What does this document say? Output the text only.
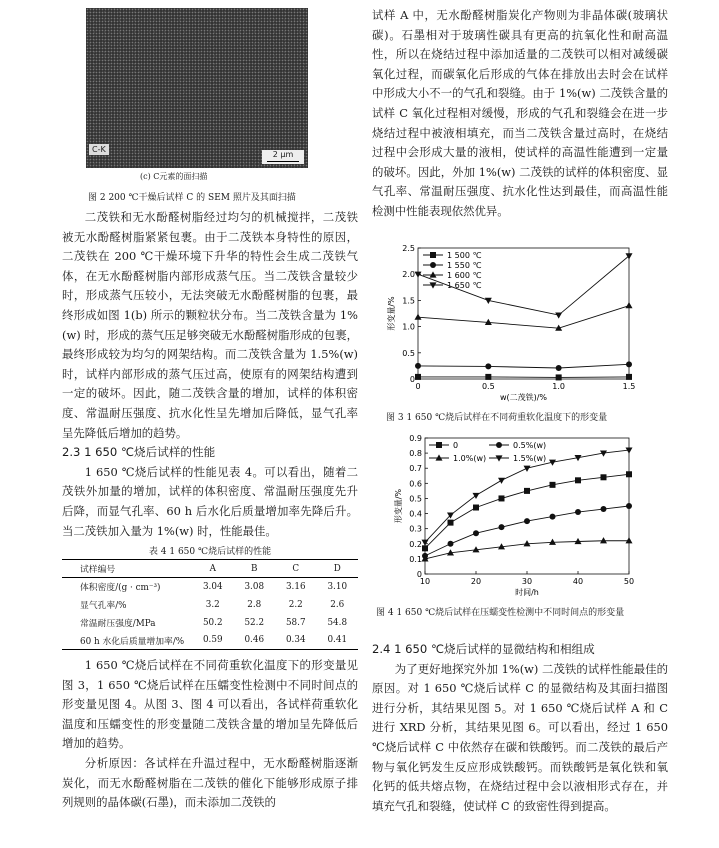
C-K
2 μm
(c) C元素的面扫描
图 2 200 ℃干燥后试样 C 的 SEM 照片及其面扫描

二茂铁和无水酚醛树脂经过均匀的机械搅拌，二茂铁被无水酚醛树脂紧紧包裹。由于二茂铁本身特性的原因，二茂铁在 200 ℃干燥环境下升华的特性会生成二茂铁气体，在无水酚醛树脂内部形成蒸气压。当二茂铁含量较少时，形成蒸气压较小，无法突破无水酚醛树脂的包裹，最终形成如图 1(b) 所示的颗粒状分布。当二茂铁含量为 1%(w) 时，形成的蒸气压足够突破无水酚醛树脂形成的包裹，最终形成较为均匀的网架结构。而二茂铁含量为 1.5%(w) 时，试样内部形成的蒸气压过高，使原有的网架结构遭到一定的破坏。因此，随二茂铁含量的增加，试样的体积密度、常温耐压强度、抗水化性呈先增加后降低，显气孔率呈先降低后增加的趋势。

2.3 1 650 ℃烧后试样的性能

1 650 ℃烧后试样的性能见表 4。可以看出，随着二茂铁外加量的增加，试样的体积密度、常温耐压强度先升后降，而显气孔率、60 h 后水化后质量增加率先降后升。当二茂铁加入量为 1%(w) 时，性能最佳。

表 4 1 650 ℃烧后试样的性能
试样编号	A	B	C	D
体积密度/(g · cm⁻³)	3.04	3.08	3.16	3.10
显气孔率/%	3.2	2.8	2.2	2.6
常温耐压强度/MPa	50.2	52.2	58.7	54.8
60 h 水化后质量增加率/%	0.59	0.46	0.34	0.41

1 650 ℃烧后试样在不同荷重软化温度下的形变量见图 3，1 650 ℃烧后试样在压蠕变性检测中不同时间点的形变量见图 4。从图 3、图 4 可以看出，各试样荷重软化温度和压蠕变性的形变量随二茂铁含量的增加呈先降低后增加的趋势。

分析原因：各试样在升温过程中，无水酚醛树脂逐渐炭化，而无水酚醛树脂在二茂铁的催化下能够形成原子排列规则的晶体碳(石墨)，而未添加二茂铁的

试样 A 中，无水酚醛树脂炭化产物则为非晶体碳(玻璃状碳)。石墨相对于玻璃性碳具有更高的抗氧化性和耐高温性，所以在烧结过程中添加适量的二茂铁可以相对减缓碳氧化过程，而碳氧化后形成的气体在排放出去时会在试样中形成大小不一的气孔和裂缝。由于 1%(w) 二茂铁含量的试样 C 氧化过程相对缓慢，形成的气孔和裂缝会在进一步烧结过程中被液相填充，而当二茂铁含量过高时，在烧结过程中会形成大量的液相，使试样的高温性能遭到一定量的破坏。因此，外加 1%(w) 二茂铁的试样的体积密度、显气孔率、常温耐压强度、抗水化性达到最佳，而高温性能检测中性能表现依然优异。

0	0.5	1.0	1.5
0
0.5
1.0
1.5
2.0
2.5
w(二茂铁)/%
形变量/%
1 500 ℃
1 550 ℃
1 600 ℃
1 650 ℃
图 3 1 650 ℃烧后试样在不同荷重软化温度下的形变量
10	20	30	40	50
0
0.1
0.2
0.3
0.4
0.5
0.6
0.7
0.8
0.9
时间/h
形变量/%
0	0.5%(w)
1.0%(w)	1.5%(w)
图 4 1 650 ℃烧后试样在压蠕变性检测中不同时间点的形变量
2.4 1 650 ℃烧后试样的显微结构和相组成

为了更好地探究外加 1%(w) 二茂铁的试样性能最佳的原因。对 1 650 ℃烧后试样 C 的显微结构及其面扫描图进行分析，其结果见图 5。对 1 650 ℃烧后试样 A 和 C 进行 XRD 分析，其结果见图 6。可以看出，经过 1 650 ℃烧后试样 C 中依然存在碳和铁酸钙。而二茂铁的最后产物与氧化钙发生反应形成铁酸钙。而铁酸钙是氧化铁和氧化钙的低共熔点物，在烧结过程中会以液相形式存在，并填充气孔和裂缝，使试样 C 的致密性得到提高。
